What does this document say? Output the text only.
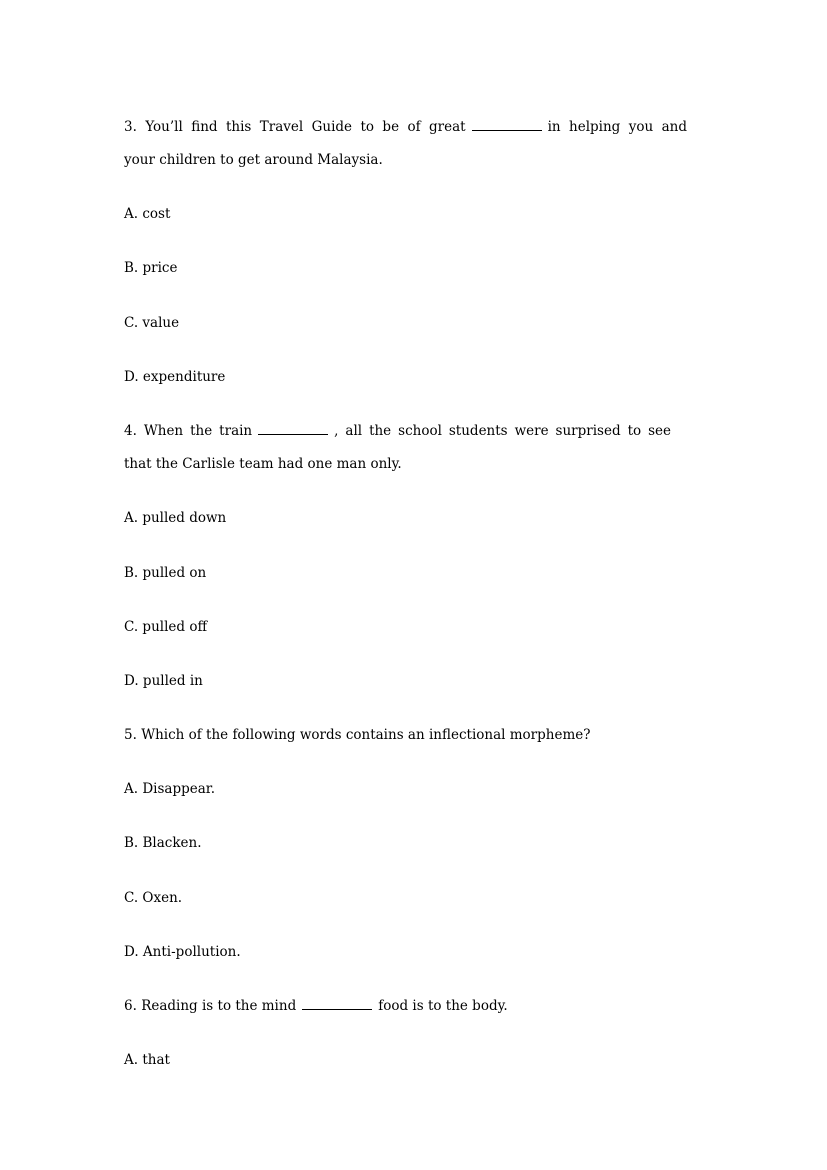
3. You’ll find this Travel Guide to be of great	in helping you and

your children to get around Malaysia.

A. cost

B. price

C. value

D. expenditure

4. When the train	, all the school students were surprised to see

that the Carlisle team had one man only.

A. pulled down

B. pulled on

C. pulled off

D. pulled in

5. Which of the following words contains an inflectional morpheme?

A. Disappear.

B. Blacken.

C. Oxen.

D. Anti-pollution.

6. Reading is to the mind	food is to the body.

A. that
